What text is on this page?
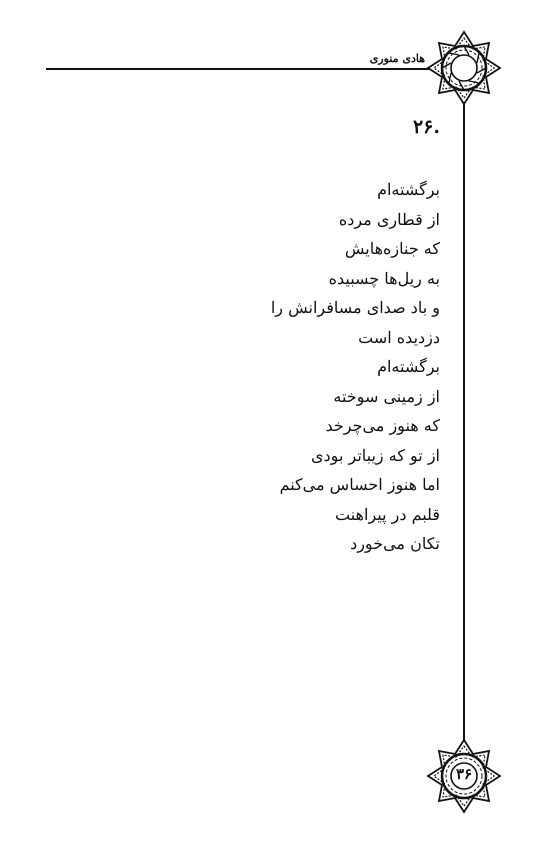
هادی منوری
.۲۶
برگشته‌ام
از قطاری مرده
که جنازه‌هایش
به ریل‌ها چسبیده
و باد صدای مسافرانش را
دزدیده است
برگشته‌ام
از زمینی سوخته
که هنوز می‌چرخد
از تو که زیباتر بودی
اما هنوز احساس می‌کنم
قلبم در پیراهنت
تکان می‌خورد
۳۶
